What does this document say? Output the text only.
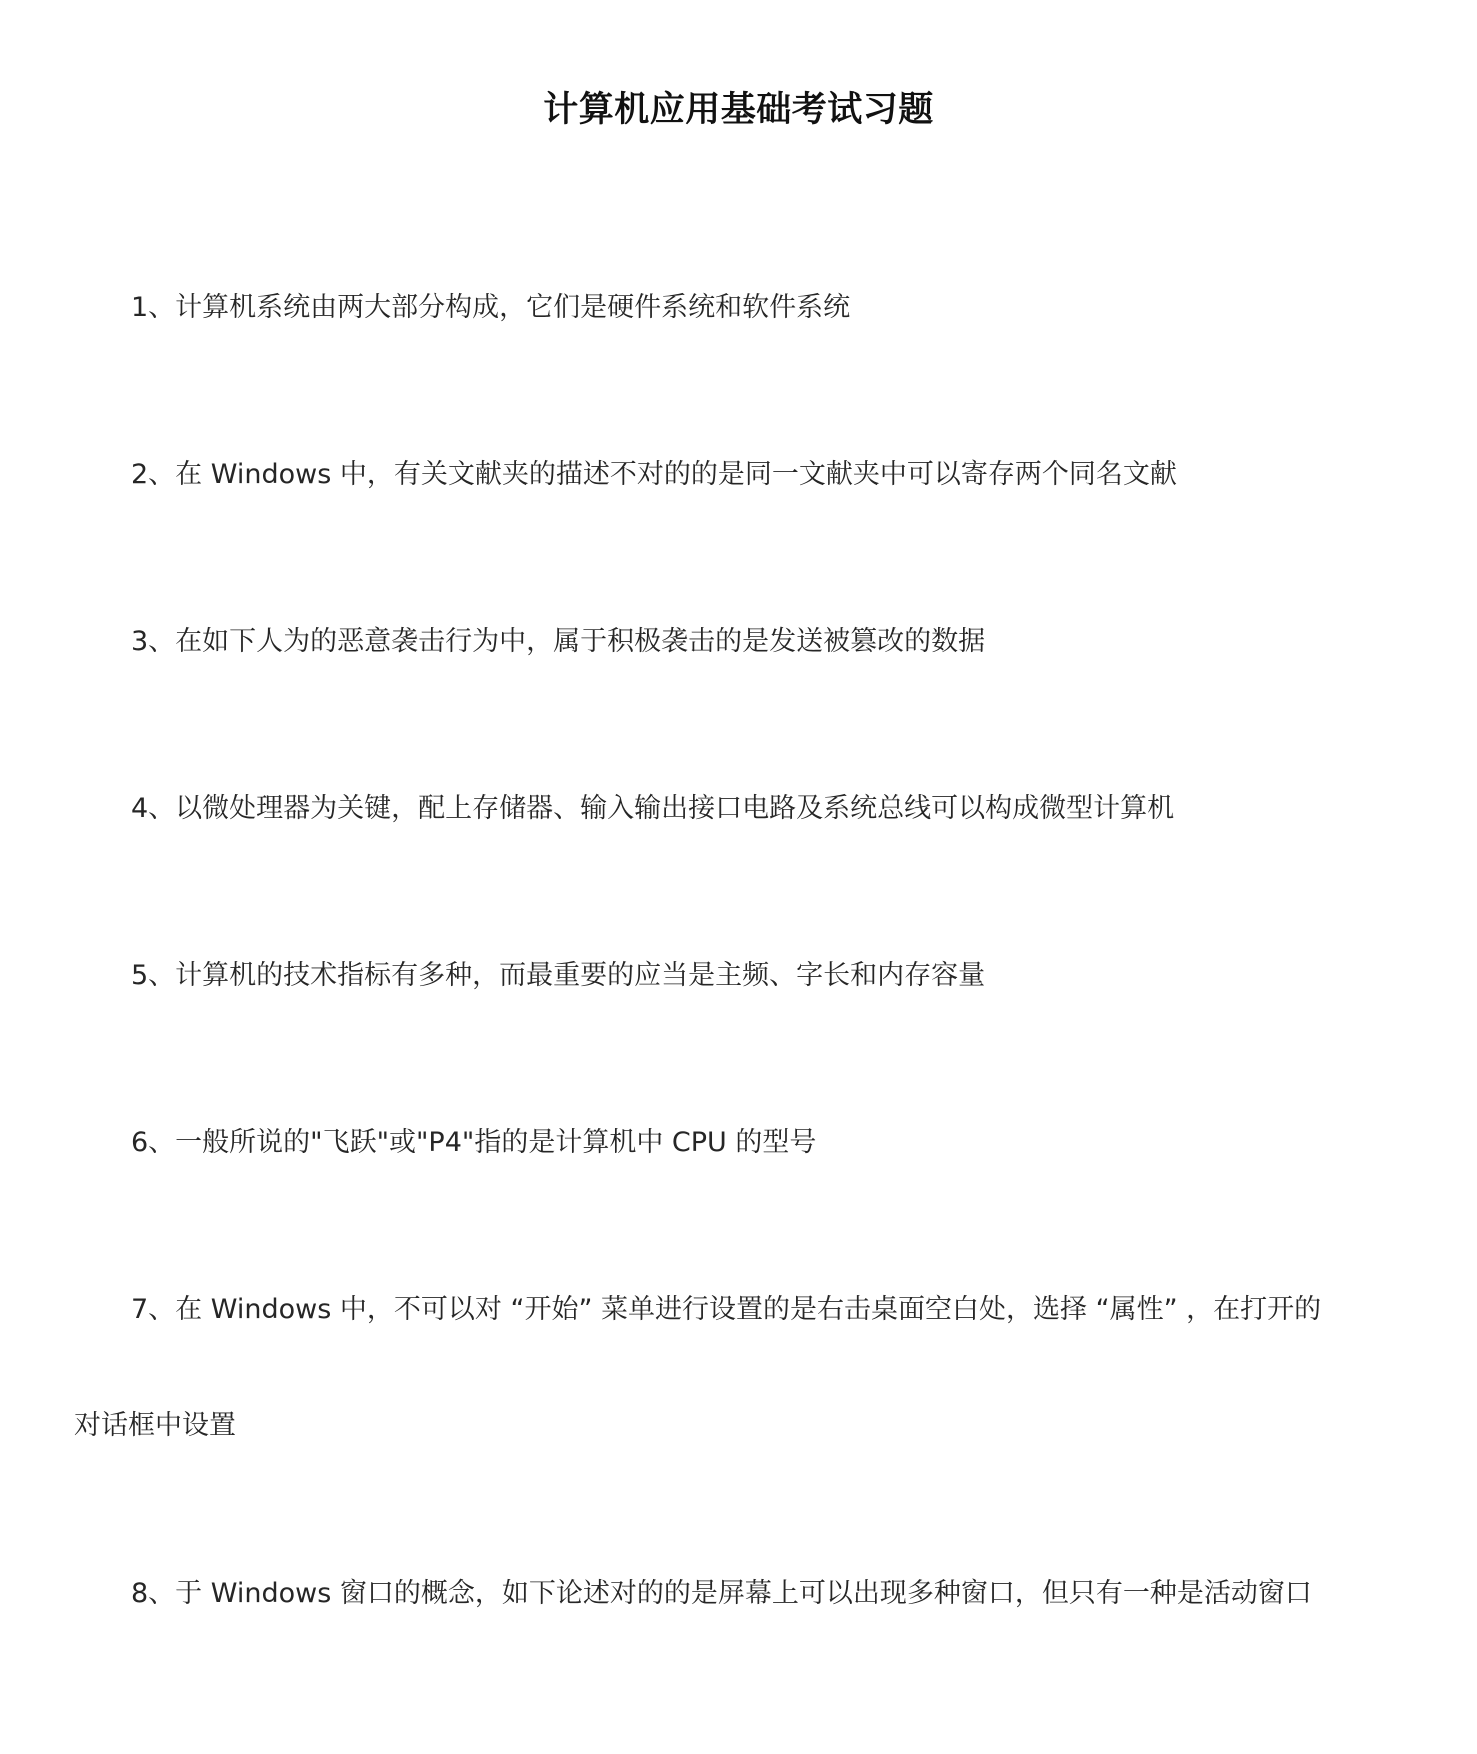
计算机应用基础考试习题
1、计算机系统由两大部分构成，它们是硬件系统和软件系统
2、在 Windows 中，有关文献夹的描述不对的的是同一文献夹中可以寄存两个同名文献
3、在如下人为的恶意袭击行为中，属于积极袭击的是发送被篡改的数据
4、以微处理器为关键，配上存储器、输入输出接口电路及系统总线可以构成微型计算机
5、计算机的技术指标有多种，而最重要的应当是主频、字长和内存容量
6、一般所说的"飞跃"或"P4"指的是计算机中 CPU 的型号
7、在 Windows 中，不可以对 “开始” 菜单进行设置的是右击桌面空白处，选择 “属性” ，在打开的
对话框中设置
8、于 Windows 窗口的概念，如下论述对的的是屏幕上可以出现多种窗口，但只有一种是活动窗口
